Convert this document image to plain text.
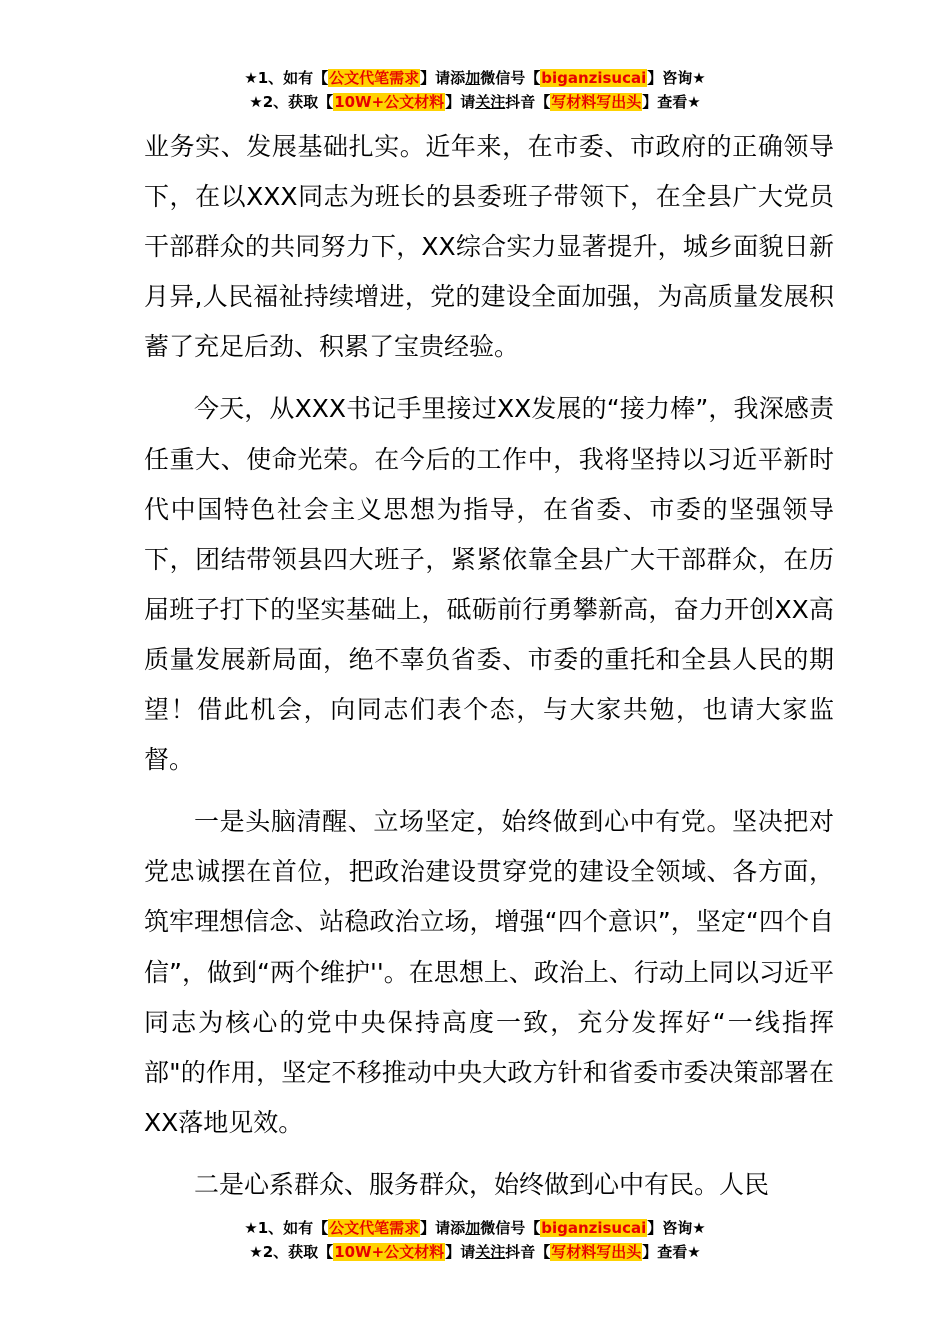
★1、如有【公文代笔需求】请添加微信号【biganzisucai】咨询★
★2、获取【10W+公文材料】请关注抖音【写材料写出头】查看★

业务实、发展基础扎实。近年来，在市委、市政府的正确领导下，在以XXX同志为班长的县委班子带领下，在全县广大党员干部群众的共同努力下，XX综合实力显著提升，城乡面貌日新月异,人民福祉持续增进，党的建设全面加强，为高质量发展积蓄了充足后劲、积累了宝贵经验。

今天，从XXX书记手里接过XX发展的“接力棒”，我深感责任重大、使命光荣。在今后的工作中，我将坚持以习近平新时代中国特色社会主义思想为指导，在省委、市委的坚强领导下，团结带领县四大班子，紧紧依靠全县广大干部群众，在历届班子打下的坚实基础上，砥砺前行勇攀新高，奋力开创XX高质量发展新局面，绝不辜负省委、市委的重托和全县人民的期望！借此机会，向同志们表个态，与大家共勉，也请大家监督。

一是头脑清醒、立场坚定，始终做到心中有党。坚决把对党忠诚摆在首位，把政治建设贯穿党的建设全领域、各方面，筑牢理想信念、站稳政治立场，增强“四个意识”，坚定“四个自信”，做到“两个维护''。在思想上、政治上、行动上同以习近平同志为核心的党中央保持高度一致，充分发挥好“一线指挥部"的作用，坚定不移推动中央大政方针和省委市委决策部署在XX落地见效。

二是心系群众、服务群众，始终做到心中有民。人民

★1、如有【公文代笔需求】请添加微信号【biganzisucai】咨询★
★2、获取【10W+公文材料】请关注抖音【写材料写出头】查看★
